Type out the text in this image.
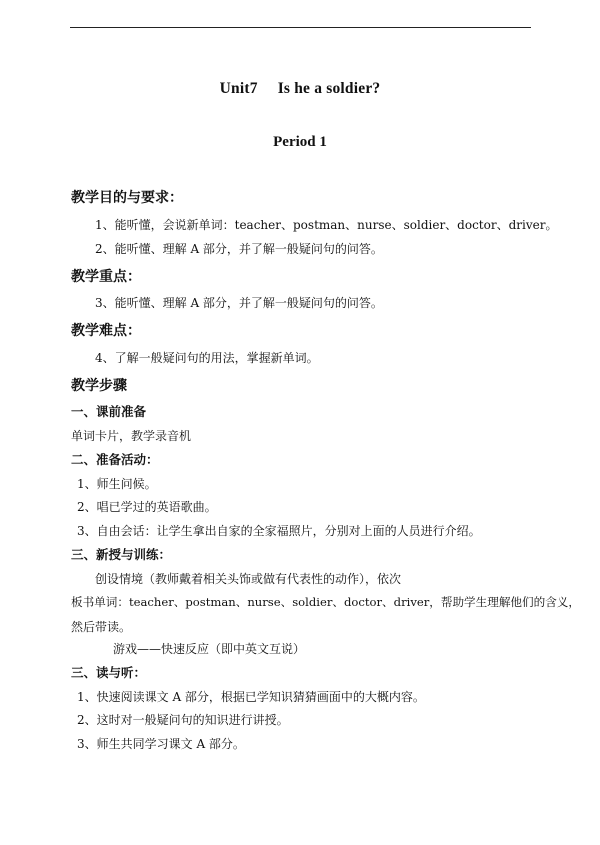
Unit7 Is he a soldier?
Period 1
教学目的与要求：
1、能听懂，会说新单词：teacher、postman、nurse、soldier、doctor、driver。
2、能听懂、理解 A 部分，并了解一般疑问句的问答。
教学重点：
3、能听懂、理解 A 部分，并了解一般疑问句的问答。
教学难点：
4、了解一般疑问句的用法，掌握新单词。
教学步骤
一、课前准备
单词卡片，教学录音机
二、准备活动：
1、师生问候。
2、唱已学过的英语歌曲。
3、自由会话：让学生拿出自家的全家福照片，分别对上面的人员进行介绍。
三、新授与训练：
创设情境（教师戴着相关头饰或做有代表性的动作），依次
板书单词：teacher、postman、nurse、soldier、doctor、driver，帮助学生理解他们的含义，
然后带读。
游戏——快速反应（即中英文互说）
三、读与听：
1、快速阅读课文 A 部分，根据已学知识猜猜画面中的大概内容。
2、这时对一般疑问句的知识进行讲授。
3、师生共同学习课文 A 部分。
